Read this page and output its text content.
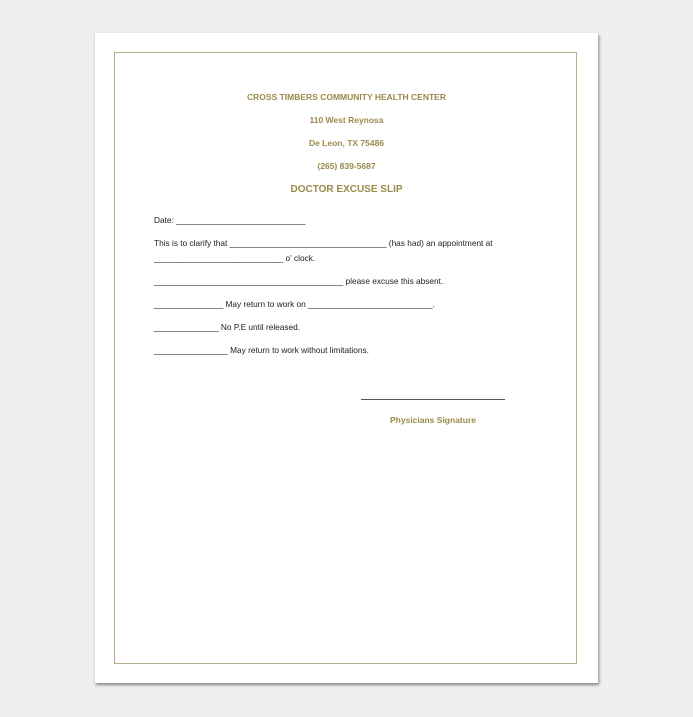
CROSS TIMBERS COMMUNITY HEALTH CENTER
110 West Reynosa
De Leon, TX 75486
(265) 839-5687
DOCTOR EXCUSE SLIP
Date: ____________________________
This is to clarify that __________________________________ (has had) an appointment at
____________________________ o' clock.
_________________________________________ please excuse this absent.
_______________ May return to work on ___________________________.
______________ No P.E until released.
________________ May return to work without limitations.
Physicians Signature
